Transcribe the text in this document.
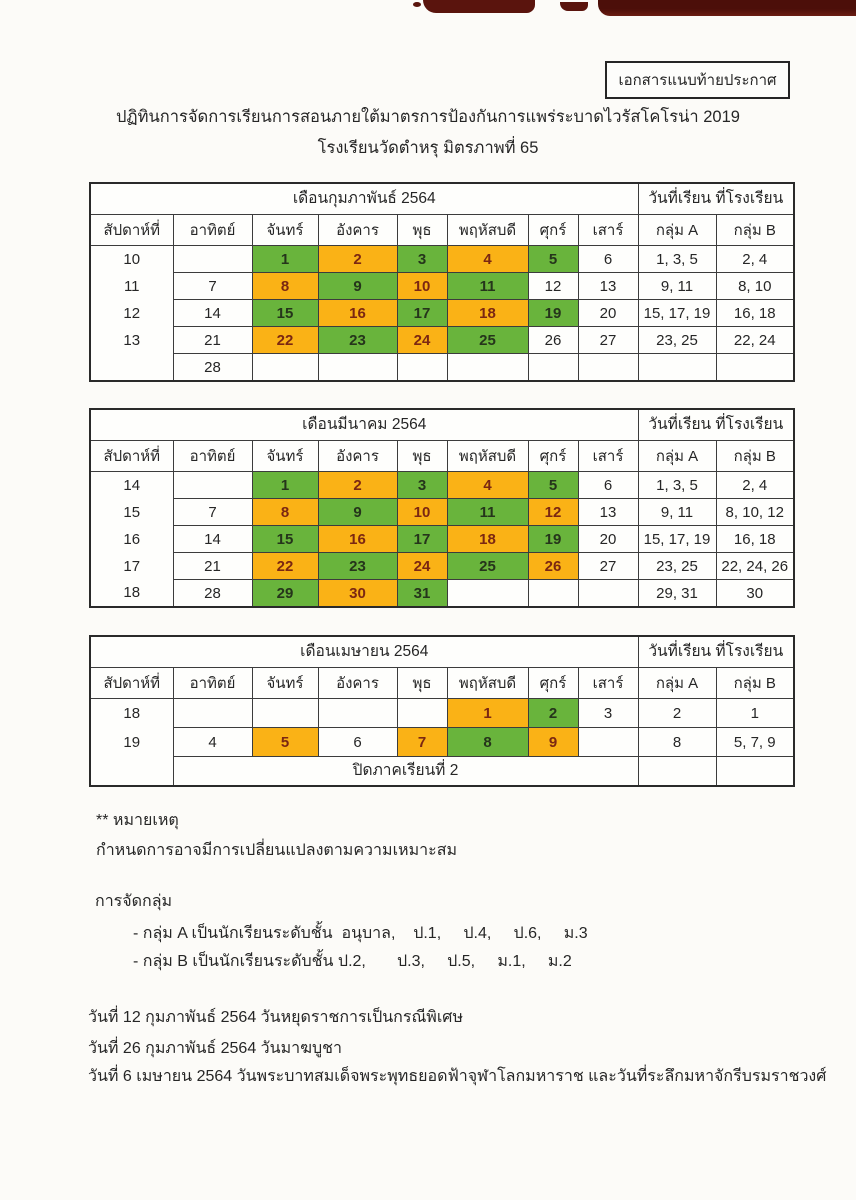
เอกสารแนบท้ายประกาศ
ปฏิทินการจัดการเรียนการสอนภายใต้มาตรการป้องกันการแพร่ระบาดไวรัสโคโรน่า 2019
โรงเรียนวัดตำหรุ มิตรภาพที่ 65
เดือนกุมภาพันธ์ 2564								วันที่เรียน ที่โรงเรียน	
สัปดาห์ที่	อาทิตย์	จันทร์	อังคาร	พุธ	พฤหัสบดี	ศุกร์	เสาร์	กลุ่ม A	กลุ่ม B
10		1	2	3	4	5	6	1, 3, 5	2, 4
11	7	8	9	10	11	12	13	9, 11	8, 10
12	14	15	16	17	18	19	20	15, 17, 19	16, 18
13	21	22	23	24	25	26	27	23, 25	22, 24
	28								
เดือนมีนาคม 2564								วันที่เรียน ที่โรงเรียน	
สัปดาห์ที่	อาทิตย์	จันทร์	อังคาร	พุธ	พฤหัสบดี	ศุกร์	เสาร์	กลุ่ม A	กลุ่ม B
14		1	2	3	4	5	6	1, 3, 5	2, 4
15	7	8	9	10	11	12	13	9, 11	8, 10, 12
16	14	15	16	17	18	19	20	15, 17, 19	16, 18
17	21	22	23	24	25	26	27	23, 25	22, 24, 26
18	28	29	30	31				29, 31	30
เดือนเมษายน 2564								วันที่เรียน ที่โรงเรียน	
สัปดาห์ที่	อาทิตย์	จันทร์	อังคาร	พุธ	พฤหัสบดี	ศุกร์	เสาร์	กลุ่ม A	กลุ่ม B
18					1	2	3	2	1
19	4	5	6	7	8	9		8	5, 7, 9
	ปิดภาคเรียนที่ 2								
** หมายเหตุ
กำหนดการอาจมีการเปลี่ยนแปลงตามความเหมาะสม
การจัดกลุ่ม
- กลุ่ม A เป็นนักเรียนระดับชั้น  อนุบาล,    ป.1,     ป.4,     ป.6,     ม.3
- กลุ่ม B เป็นนักเรียนระดับชั้น ป.2,       ป.3,     ป.5,     ม.1,     ม.2
วันที่ 12 กุมภาพันธ์ 2564 วันหยุดราชการเป็นกรณีพิเศษ
วันที่ 26 กุมภาพันธ์ 2564 วันมาฆบูชา
วันที่ 6 เมษายน 2564 วันพระบาทสมเด็จพระพุทธยอดฟ้าจุฬาโลกมหาราช และวันที่ระลึกมหาจักรีบรมราชวงศ์
